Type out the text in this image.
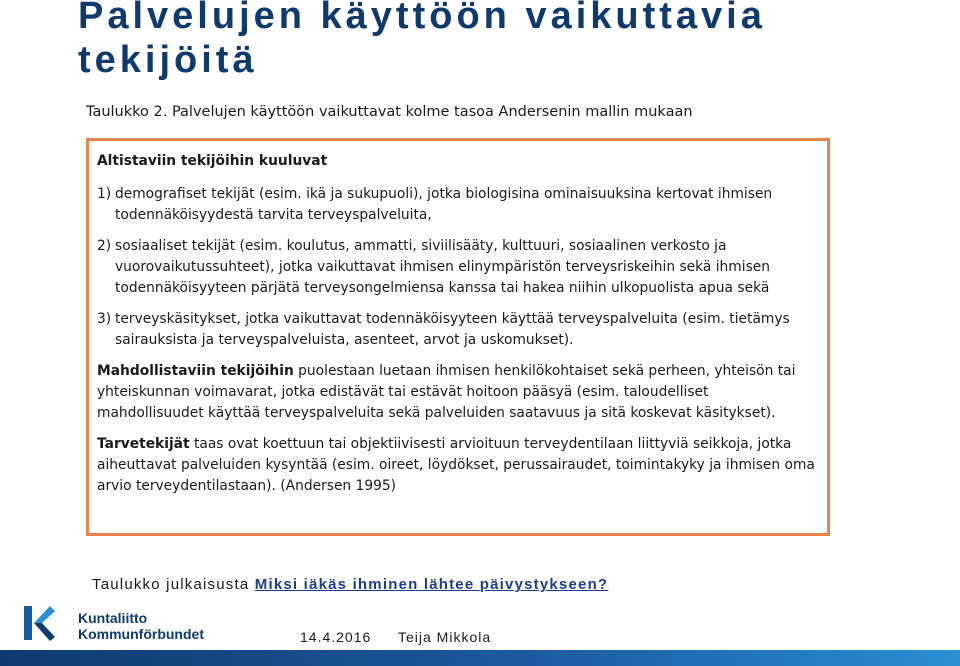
Palvelujen käyttöön vaikuttavia tekijöitä
Taulukko 2. Palvelujen käyttöön vaikuttavat kolme tasoa Andersenin mallin mukaan
Altistaviin tekijöihin kuuluvat
1) demografiset tekijät (esim. ikä ja sukupuoli), jotka biologisina ominaisuuksina kertovat ihmisen todennäköisyydestä tarvita terveyspalveluita,
2) sosiaaliset tekijät (esim. koulutus, ammatti, siviilisääty, kulttuuri, sosiaalinen verkosto ja vuorovaikutussuhteet), jotka vaikuttavat ihmisen elinympäristön terveysriskeihin sekä ihmisen todennäköisyyteen pärjätä terveysongelmiensa kanssa tai hakea niihin ulkopuolista apua sekä
3) terveyskäsitykset, jotka vaikuttavat todennäköisyyteen käyttää terveyspalveluita (esim. tietämys sairauksista ja terveyspalveluista, asenteet, arvot ja uskomukset).
Mahdollistaviin tekijöihin puolestaan luetaan ihmisen henkilökohtaiset sekä perheen, yhteisön tai yhteiskunnan voimavarat, jotka edistävät tai estävät hoitoon pääsyä (esim. taloudelliset mahdollisuudet käyttää terveyspalveluita sekä palveluiden saatavuus ja sitä koskevat käsitykset).
Tarvetekijät taas ovat koettuun tai objektiivisesti arvioituun terveydentilaan liittyviä seikkoja, jotka aiheuttavat palveluiden kysyntää (esim. oireet, löydökset, perussairaudet, toimintakyky ja ihmisen oma arvio terveydentilastaan). (Andersen 1995)
Taulukko julkaisusta Miksi iäkäs ihminen lähtee päivystykseen?
Kuntaliitto
Kommunförbundet	14.4.2016 Teija Mikkola
